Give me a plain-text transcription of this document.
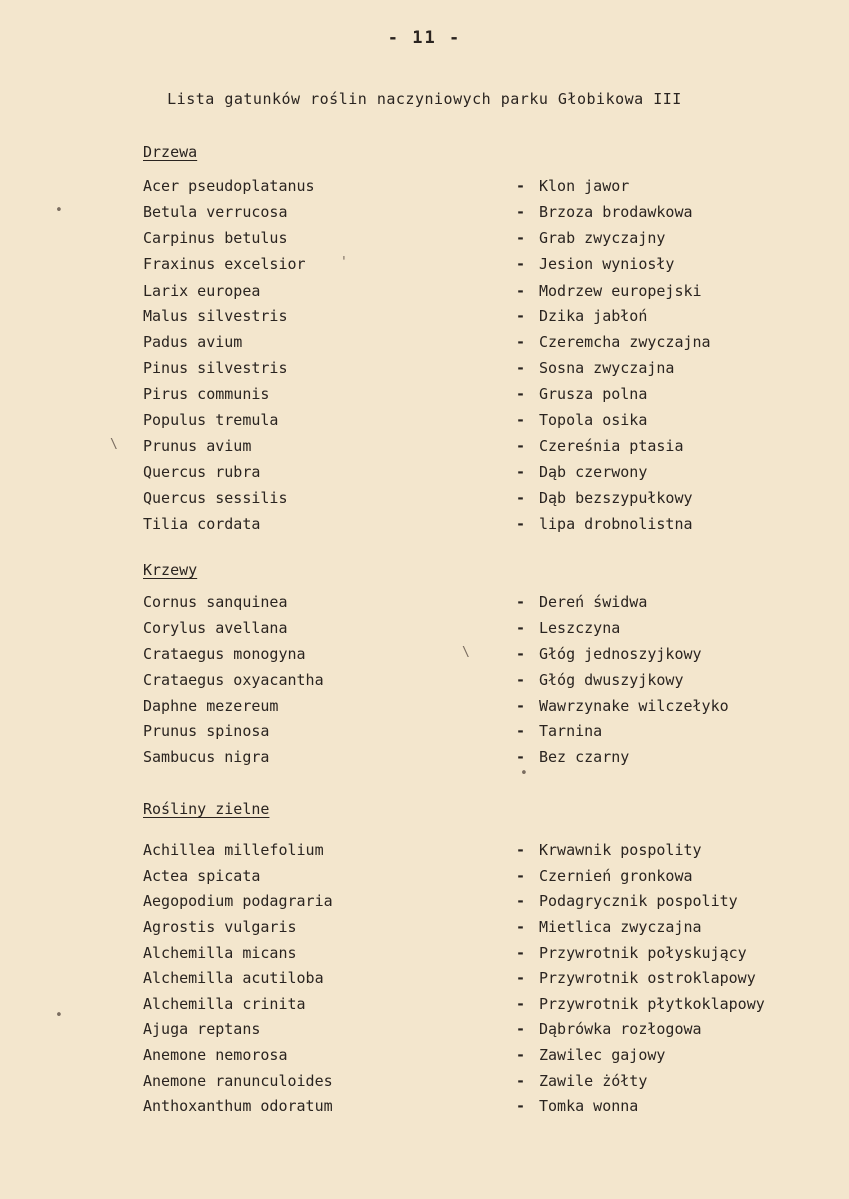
- 11 -
Lista gatunków roślin naczyniowych parku Głobikowa III
Drzewa
Acer pseudoplatanus	- Klon jawor
Betula verrucosa	- Brzoza brodawkowa
Carpinus betulus	- Grab zwyczajny
Fraxinus excelsior	- Jesion wyniosły
Larix europea	- Modrzew europejski
Malus silvestris	- Dzika jabłoń
Padus avium	- Czeremcha zwyczajna
Pinus silvestris	- Sosna zwyczajna
Pirus communis	- Grusza polna
Populus tremula	- Topola osika
Prunus avium	- Czereśnia ptasia
Quercus rubra	- Dąb czerwony
Quercus sessilis	- Dąb bezszypułkowy
Tilia cordata	- lipa drobnolistna
Krzewy
Cornus sanquinea	- Dereń świdwa
Corylus avellana	- Leszczyna
Crataegus monogyna	- Głóg jednoszyjkowy
Crataegus oxyacantha	- Głóg dwuszyjkowy
Daphne mezereum	- Wawrzynake wilczełyko
Prunus spinosa	- Tarnina
Sambucus nigra	- Bez czarny
Rośliny zielne
Achillea millefolium	- Krwawnik pospolity
Actea spicata	- Czernień gronkowa
Aegopodium podagraria	- Podagrycznik pospolity
Agrostis vulgaris	- Mietlica zwyczajna
Alchemilla micans	- Przywrotnik połyskujący
Alchemilla acutiloba	- Przywrotnik ostroklapowy
Alchemilla crinita	- Przywrotnik płytkoklapowy
Ajuga reptans	- Dąbrówka rozłogowa
Anemone nemorosa	- Zawilec gajowy
Anemone ranunculoides	- Zawile żółty
Anthoxanthum odoratum	- Tomka wonna
•
•
\
\
'
•
